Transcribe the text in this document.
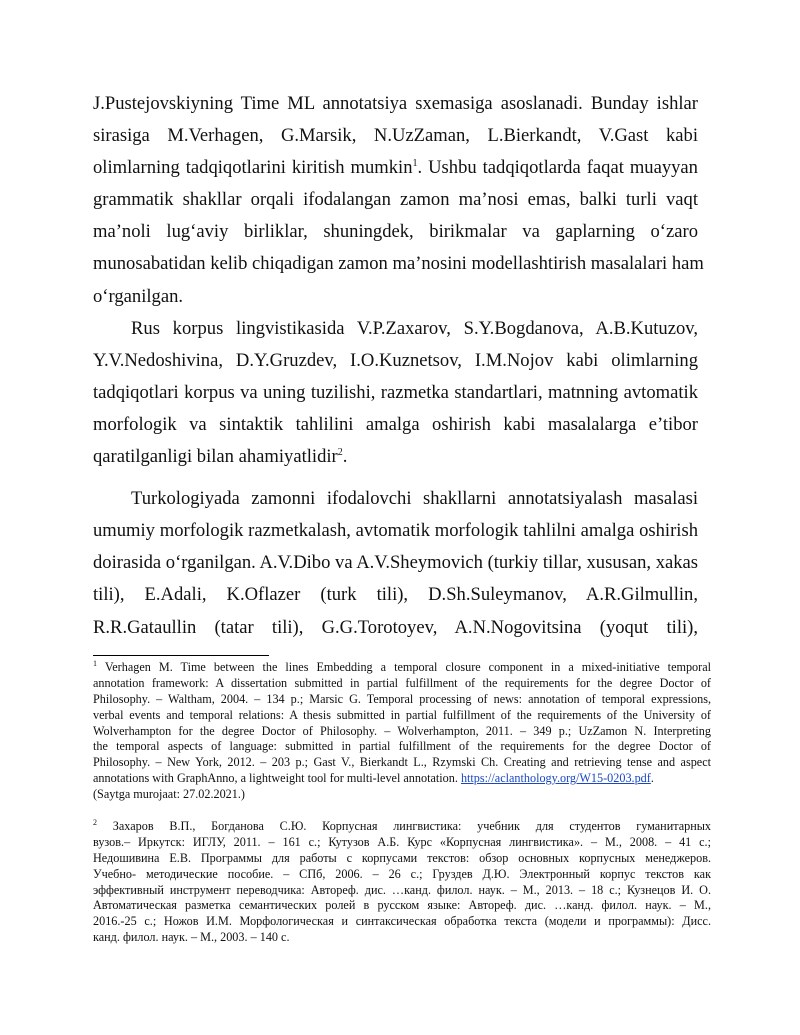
J.Pustejovskiyning Time ML annotatsiya sxemasiga asoslanadi. Bunday ishlar
sirasiga M.Verhagen, G.Marsik, N.UzZaman, L.Bierkandt, V.Gast kabi
olimlarning tadqiqotlarini kiritish mumkin$^1$. Ushbu tadqiqotlarda faqat muayyan
grammatik shakllar orqali ifodalangan zamon ma’nosi emas, balki turli vaqt
ma’noli lug‘aviy birliklar, shuningdek, birikmalar va gaplarning o‘zaro
munosabatidan kelib chiqadigan zamon ma’nosini modellashtirish masalalari ham
o‘rganilgan.
Rus korpus lingvistikasida V.P.Zaxarov, S.Y.Bogdanova, A.B.Kutuzov,
Y.V.Nedoshivina, D.Y.Gruzdev, I.O.Kuznetsov, I.M.Nojov kabi olimlarning
tadqiqotlari korpus va uning tuzilishi, razmetka standartlari, matnning avtomatik
morfologik va sintaktik tahlilini amalga oshirish kabi masalalarga e’tibor
qaratilganligi bilan ahamiyatlidir$^2$.
Turkologiyada zamonni ifodalovchi shakllarni annotatsiyalash masalasi
umumiy morfologik razmetkalash, avtomatik morfologik tahlilni amalga oshirish
doirasida o‘rganilgan. A.V.Dibo va A.V.Sheymovich (turkiy tillar, xususan, xakas
tili), E.Adali, K.Oflazer (turk tili), D.Sh.Suleymanov, A.R.Gilmullin,
R.R.Gataullin (tatar tili), G.G.Torotoyev, A.N.Nogovitsina (yoqut tili),
$^1$ Verhagen M. Time between the lines Embedding a temporal closure component in a mixed-initiative temporal
annotation framework: A dissertation submitted in partial fulfillment of the requirements for the degree Doctor of
Philosophy. – Waltham, 2004. – 134 p.; Marsic G. Temporal processing of news: annotation of temporal expressions,
verbal events and temporal relations: A thesis submitted in partial fulfillment of the requirements of the University of
Wolverhampton for the degree Doctor of Philosophy. – Wolverhampton, 2011. – 349 p.; UzZamon N. Interpreting
the temporal aspects of language: submitted in partial fulfillment of the requirements for the degree Doctor of
Philosophy. – New York, 2012. – 203 p.; Gast V., Bierkandt L., Rzymski Ch. Creating and retrieving tense and aspect
annotations with GraphAnno, a lightweight tool for multi-level annotation. https://aclanthology.org/W15-0203.pdf.
(Saytga murojaat: 27.02.2021.)
$^2$ Захаров В.П., Богданова С.Ю. Корпусная лингвистика: учебник для студентов гуманитарных
вузов.– Иркутск: ИГЛУ, 2011. – 161 с.; Кутузов А.Б. Курс «Корпусная лингвистика». – М., 2008. – 41 с.;
Недошивина Е.В. Программы для работы с корпусами текстов: обзор основных корпусных менеджеров.
Учебно- методические пособие. – СПб, 2006. – 26 с.; Груздев Д.Ю. Электронный корпус текстов как
эффективный инструмент переводчика: Автореф. дис. …канд. филол. наук. – М., 2013. – 18 с.; Кузнецов И. О.
Автоматическая разметка семантических ролей в русском языке: Автореф. дис. …канд. филол. наук. – М.,
2016.-25 с.; Ножов И.М. Морфологическая и синтаксическая обработка текста (модели и программы): Дисс.
канд. филол. наук. – М., 2003. – 140 с.
